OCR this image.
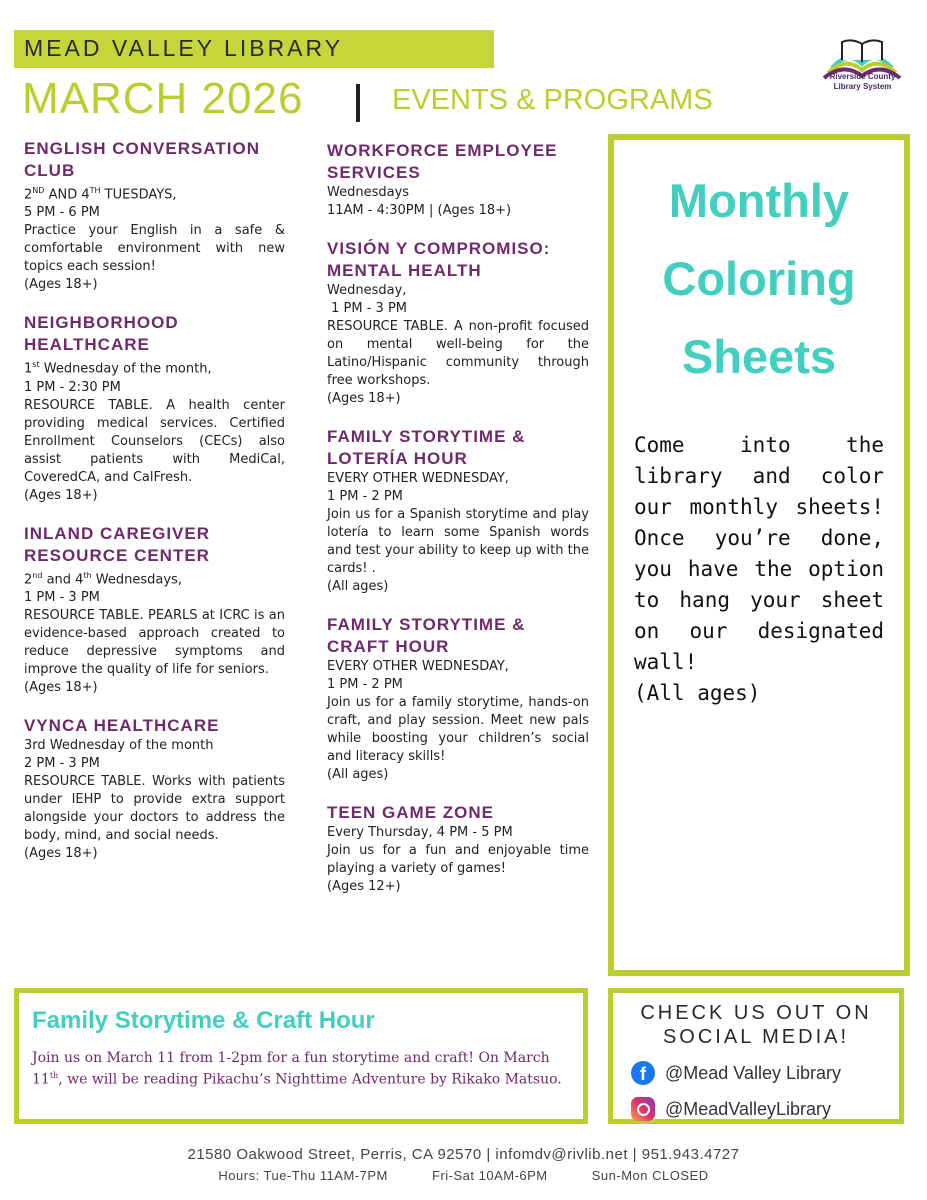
MEAD VALLEY LIBRARY
MARCH 2026	EVENTS & PROGRAMS
Riverside County
Library System
ENGLISH CONVERSATION CLUB

2ND AND 4TH TUESDAYS,

5 PM - 6 PM

Practice your English in a safe & comfortable environment with new topics each session!

(Ages 18+)

NEIGHBORHOOD HEALTHCARE

1st Wednesday of the month,

1 PM - 2:30 PM

RESOURCE TABLE. A health center providing medical services. Certified Enrollment Counselors (CECs) also assist patients with MediCal, CoveredCA, and CalFresh.

(Ages 18+)

INLAND CAREGIVER RESOURCE CENTER

2nd and 4th Wednesdays,

1 PM - 3 PM

RESOURCE TABLE. PEARLS at ICRC is an evidence-based approach created to reduce depressive symptoms and improve the quality of life for seniors.

(Ages 18+)

VYNCA HEALTHCARE

3rd Wednesday of the month

2 PM - 3 PM

RESOURCE TABLE. Works with patients under IEHP to provide extra support alongside your doctors to address the body, mind, and social needs.

(Ages 18+)

WORKFORCE EMPLOYEE SERVICES

Wednesdays

11AM - 4:30PM | (Ages 18+)

VISIÓN Y COMPROMISO: MENTAL HEALTH

Wednesday,

1 PM - 3 PM

RESOURCE TABLE. A non-profit focused on mental well-being for the Latino/Hispanic community through free workshops.

(Ages 18+)

FAMILY STORYTIME & LOTERÍA HOUR

EVERY OTHER WEDNESDAY,

1 PM - 2 PM

Join us for a Spanish storytime and play lotería to learn some Spanish words and test your ability to keep up with the cards! .

(All ages)

FAMILY STORYTIME & CRAFT HOUR

EVERY OTHER WEDNESDAY,

1 PM - 2 PM

Join us for a family storytime, hands-on craft, and play session. Meet new pals while boosting your children’s social and literacy skills!

(All ages)

TEEN GAME ZONE

Every Thursday, 4 PM - 5 PM

Join us for a fun and enjoyable time playing a variety of games!

(Ages 12+)

Monthly
Coloring
Sheets
Come into the library and color our monthly sheets! Once you’re done, you have the option to hang your sheet on our designated wall!
(All ages)
Family Storytime & Craft Hour
Join us on March 11 from 1-2pm for a fun storytime and craft! On March 11th, we will be reading Pikachu’s Nighttime Adventure by Rikako Matsuo.
CHECK US OUT ON
SOCIAL MEDIA!
f	@Mead Valley Library
@MeadValleyLibrary
21580 Oakwood Street, Perris, CA 92570 | infomdv@rivlib.net | 951.943.4727
Hours: Tue-Thu 11AM-7PM	Fri-Sat 10AM-6PM	Sun-Mon CLOSED
